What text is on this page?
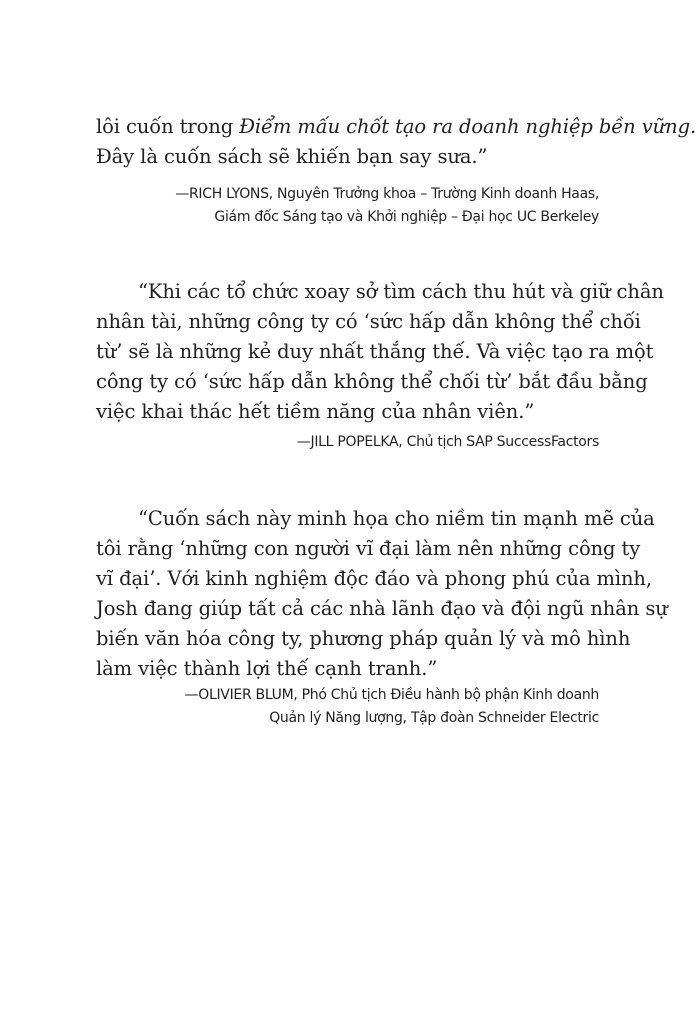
lôi cuốn trong Điểm mấu chốt tạo ra doanh nghiệp bền vững.

Đây là cuốn sách sẽ khiến bạn say sưa.”

—RICH LYONS, Nguyên Trưởng khoa – Trường Kinh doanh Haas,

Giám đốc Sáng tạo và Khởi nghiệp – Đại học UC Berkeley

“Khi các tổ chức xoay sở tìm cách thu hút và giữ chân

nhân tài, những công ty có ‘sức hấp dẫn không thể chối

từ’ sẽ là những kẻ duy nhất thắng thế. Và việc tạo ra một

công ty có ‘sức hấp dẫn không thể chối từ’ bắt đầu bằng

việc khai thác hết tiềm năng của nhân viên.”

—JILL POPELKA, Chủ tịch SAP SuccessFactors

“Cuốn sách này minh họa cho niềm tin mạnh mẽ của

tôi rằng ‘những con người vĩ đại làm nên những công ty

vĩ đại’. Với kinh nghiệm độc đáo và phong phú của mình,

Josh đang giúp tất cả các nhà lãnh đạo và đội ngũ nhân sự

biến văn hóa công ty, phương pháp quản lý và mô hình

làm việc thành lợi thế cạnh tranh.”

—OLIVIER BLUM, Phó Chủ tịch Điều hành bộ phận Kinh doanh

Quản lý Năng lượng, Tập đoàn Schneider Electric
